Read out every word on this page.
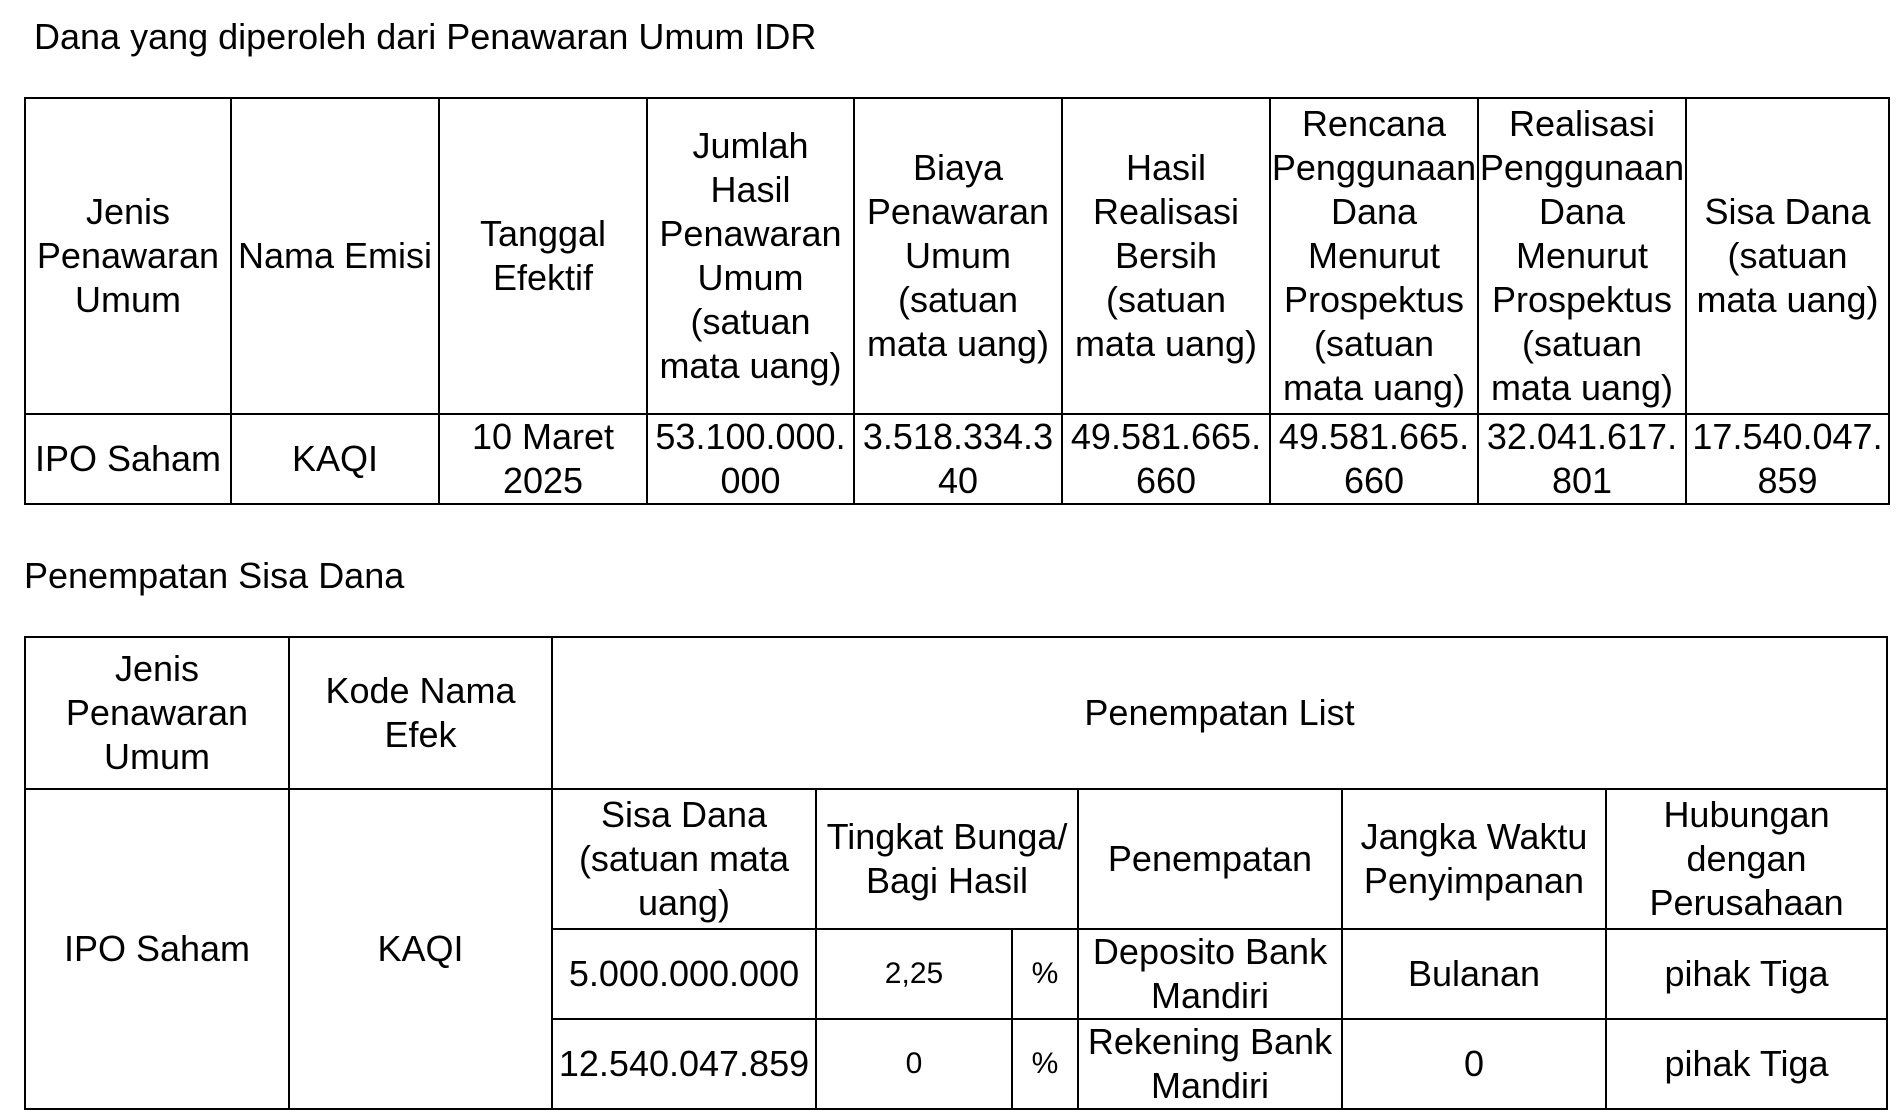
Dana yang diperoleh dari Penawaran Umum IDR
Jenis Penawaran Umum	Nama Emisi	Tanggal Efektif	Jumlah Hasil Penawaran Umum (satuan mata uang)	Biaya Penawaran Umum (satuan mata uang)	Hasil Realisasi Bersih (satuan mata uang)	Rencana Penggunaan Dana Menurut Prospektus (satuan mata uang)	Realisasi Penggunaan Dana Menurut Prospektus (satuan mata uang)	Sisa Dana (satuan mata uang)
IPO Saham	KAQI	10 Maret 2025	53.100.000.000	3.518.334.340	49.581.665.660	49.581.665.660	32.041.617.801	17.540.047.859
Penempatan Sisa Dana
Jenis Penawaran Umum	Kode Nama Efek	Penempatan List					
IPO Saham	KAQI	Sisa Dana (satuan mata uang)	Tingkat Bunga/ Bagi Hasil		Penempatan	Jangka Waktu Penyimpanan	Hubungan dengan Perusahaan
		5.000.000.000	2,25	%	Deposito Bank Mandiri	Bulanan	pihak Tiga
		12.540.047.859	0	%	Rekening Bank Mandiri	0	pihak Tiga
